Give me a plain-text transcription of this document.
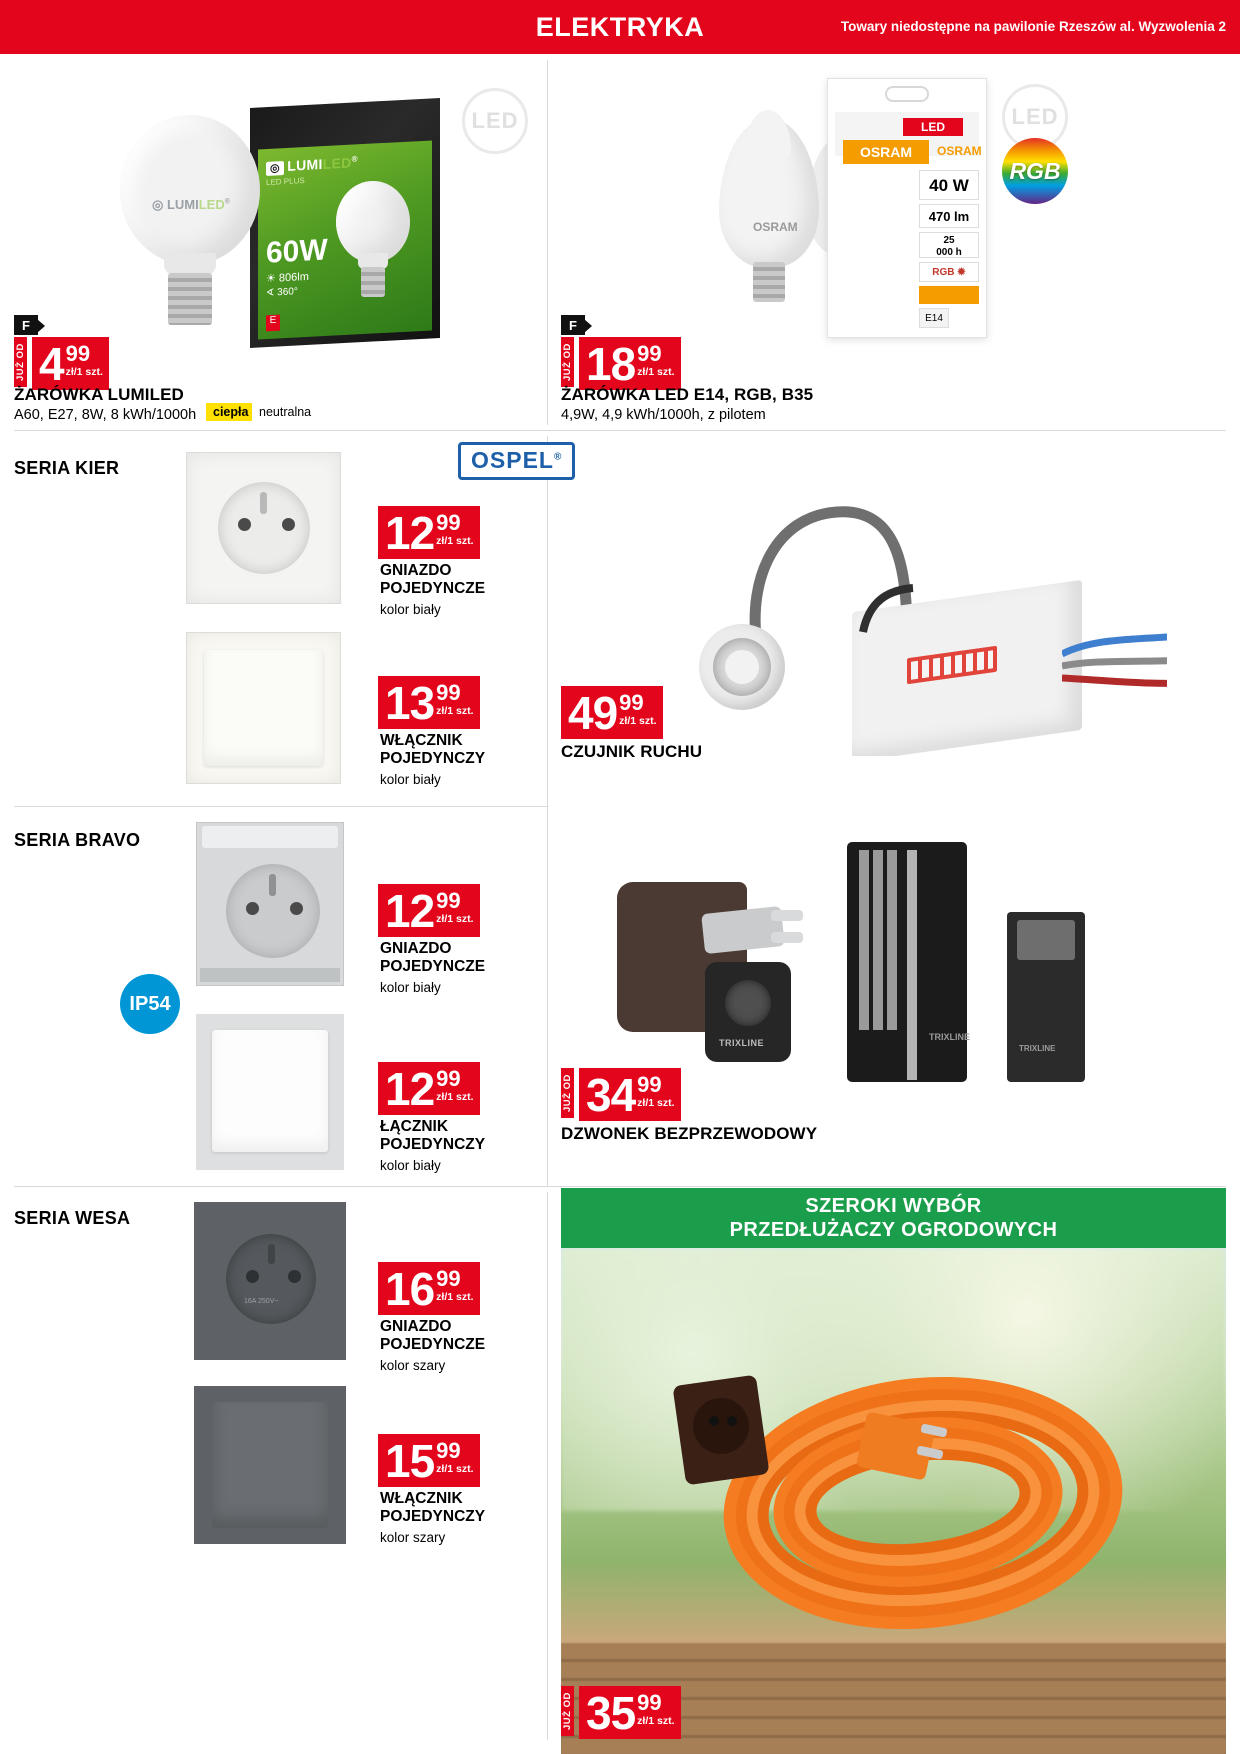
ELEKTRYKA	Towary niedostępne na pawilonie Rzeszów al. Wyzwolenia 2
◎ LUMILED®
LED PLUS
60W
☀ 806lm
∢ 360°
E
◎ LUMILED®
LED
F
JUŻ OD 4 99
zł/1 szt.
ŻARÓWKA LUMILED
A60, E27, 8W, 8 kWh/1000h	ciepła neutralna
LED
OSRAM	OSRAM
40 W
470 lm
25
000 h
RGB ✹
E14
OSRAM
LED
RGB
F
JUŻ OD 18 99
zł/1 szt.
ŻARÓWKA LED E14, RGB, B35
4,9W, 4,9 kWh/1000h, z pilotem
SERIA KIER	OSPEL®
12 99
zł/1 szt.
GNIAZDO
POJEDYNCZE
kolor biały
13 99
zł/1 szt.
WŁĄCZNIK
POJEDYNCZY
kolor biały
49 99
zł/1 szt.
CZUJNIK RUCHU
SERIA BRAVO
IP54
12 99
zł/1 szt.
GNIAZDO
POJEDYNCZE
kolor biały
12 99
zł/1 szt.
ŁĄCZNIK
POJEDYNCZY
kolor biały
TRIXLINE
TRIXLINE
TRIXLINE
JUŻ OD 34 99
zł/1 szt.
DZWONEK BEZPRZEWODOWY
SERIA WESA
16A 250V~ 16 99
zł/1 szt.
GNIAZDO
POJEDYNCZE
kolor szary
15 99
zł/1 szt.
WŁĄCZNIK
POJEDYNCZY
kolor szary
SZEROKI WYBÓR
PRZEDŁUŻACZY OGRODOWYCH
JUŻ OD 35 99
zł/1 szt.
